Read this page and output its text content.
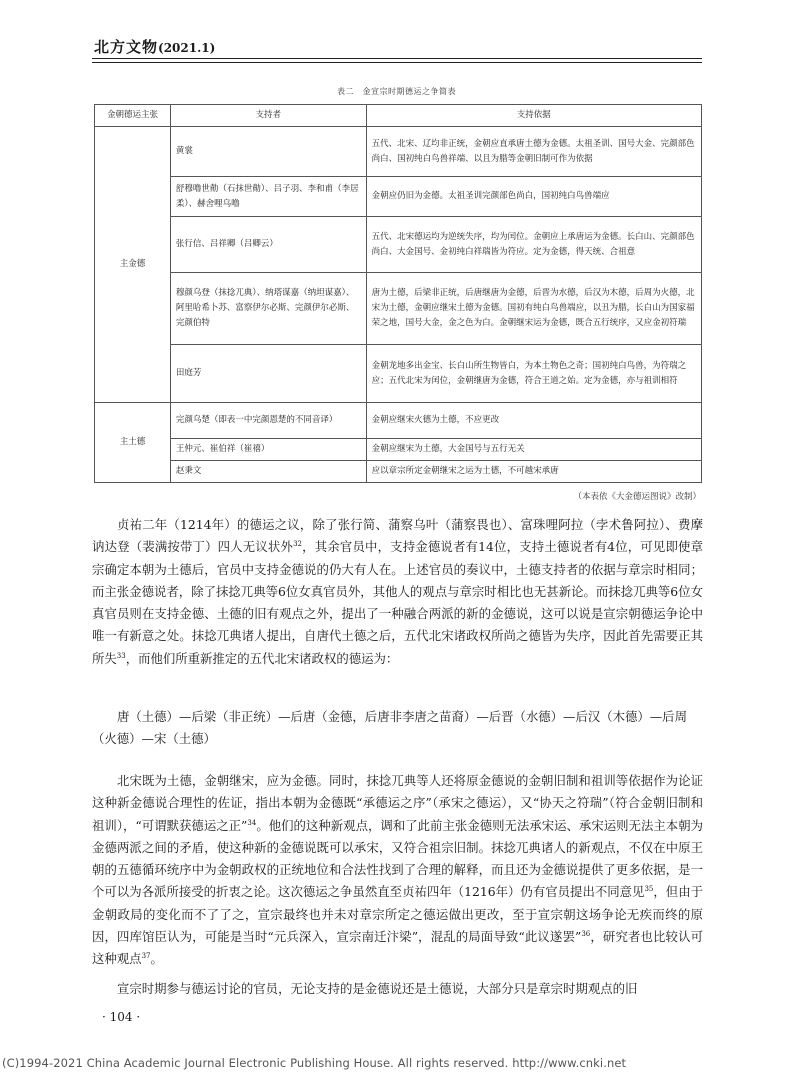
北方文物(2021.1)
表二　金宣宗时期德运之争简表
金朝德运主张	支持者	支持依据
主金德	黄裳	五代、北宋、辽均非正统，金朝应直承唐土德为金德。太祖圣训、国号大金、完颜部色尚白、国初纯白鸟兽祥端、以且为腊等金朝旧制可作为依据
	舒穆噜世勣（石抹世勣）、吕子羽、李和甫（李居柔）、赫舍哩乌噜	金朝应仍旧为金德。太祖圣训完颜部色尚白，国初纯白鸟兽端应
	张行信、吕祥卿（吕卿云）	五代、北宋德运均为逆统失序，均为闰位。金朝应上承唐运为金德。长白山、完颜部色尚白、大金国号、金初纯白祥瑞皆为符应。定为金德，得天统、合祖意
	穆颜乌登（抹捻兀典）、纳塔谋嘉（纳坦谋嘉）、阿里哈希卜苏、富察伊尔必斯、完颜伊尔必斯、完颜伯特	唐为土德，后梁非正统，后唐继唐为金德，后晋为水德，后汉为木德，后周为火德，北宋为土德，金朝应继宋土德为金德。国初有纯白鸟兽端应，以丑为腊，长白山为国家福荣之地，国号大金，金之色为白。金朝继宋运为金德，既合五行统序，又应金初符瑞
	田庭芳	金朝龙地多出金宝、长白山所生物皆白，为本土物色之奇；国初纯白鸟兽，为符瑞之应；五代北宋为闰位，金朝继唐为金德，符合王道之始。定为金德，亦与祖训相符
主土德	完颜乌楚（即表一中完颜恩楚的不同音译）	金朝应继宋火德为土德，不应更改
	王仲元、崔伯祥（崔禧）	金朝应继宋为土德，大金国号与五行无关
	赵秉文	应以章宗所定金朝继宋之运为土德，不可越宋承唐
（本表依《大金德运图说》改制）

贞祐二年（1214年）的德运之议，除了张行简、蒲察乌叶（蒲察畏也）、富珠哩阿拉（孛术鲁阿拉）、费摩讷达登（裴满按带丁）四人无议状外$^{32}$，其余官员中，支持金德说者有14位，支持土德说者有4位，可见即使章宗确定本朝为土德后，官员中支持金德说的仍大有人在。上述官员的奏议中，土德支持者的依据与章宗时相同；而主张金德说者，除了抹捻兀典等6位女真官员外，其他人的观点与章宗时相比也无甚新论。而抹捻兀典等6位女真官员则在支持金德、土德的旧有观点之外，提出了一种融合两派的新的金德说，这可以说是宣宗朝德运争论中唯一有新意之处。抹捻兀典诸人提出，自唐代土德之后，五代北宋诸政权所尚之德皆为失序，因此首先需要正其所失$^{33}$，而他们所重新推定的五代北宋诸政权的德运为：

唐（土德）—后梁（非正统）—后唐（金德，后唐非李唐之苗裔）—后晋（水德）—后汉（木德）—后周（火德）—宋（土德）

北宋既为土德，金朝继宋，应为金德。同时，抹捻兀典等人还将原金德说的金朝旧制和祖训等依据作为论证这种新金德说合理性的佐证，指出本朝为金德既“承德运之序”（承宋之德运），又“协天之符瑞”（符合金朝旧制和祖训），“可谓默获德运之正”$^{34}$。他们的这种新观点，调和了此前主张金德则无法承宋运、承宋运则无法主本朝为金德两派之间的矛盾，使这种新的金德说既可以承宋，又符合祖宗旧制。抹捻兀典诸人的新观点，不仅在中原王朝的五德循环统序中为金朝政权的正统地位和合法性找到了合理的解释，而且还为金德说提供了更多依据，是一个可以为各派所接受的折衷之论。这次德运之争虽然直至贞祐四年（1216年）仍有官员提出不同意见$^{35}$，但由于金朝政局的变化而不了了之，宣宗最终也并未对章宗所定之德运做出更改，至于宣宗朝这场争论无疾而终的原因，四库馆臣认为，可能是当时“元兵深入，宣宗南迁汴梁”，混乱的局面导致“此议遂罢”$^{36}$，研究者也比较认可这种观点$^{37}$。

宣宗时期参与德运讨论的官员，无论支持的是金德说还是土德说，大部分只是章宗时期观点的旧

· 104 ·
(C)1994-2021 China Academic Journal Electronic Publishing House. All rights reserved. http://www.cnki.net
